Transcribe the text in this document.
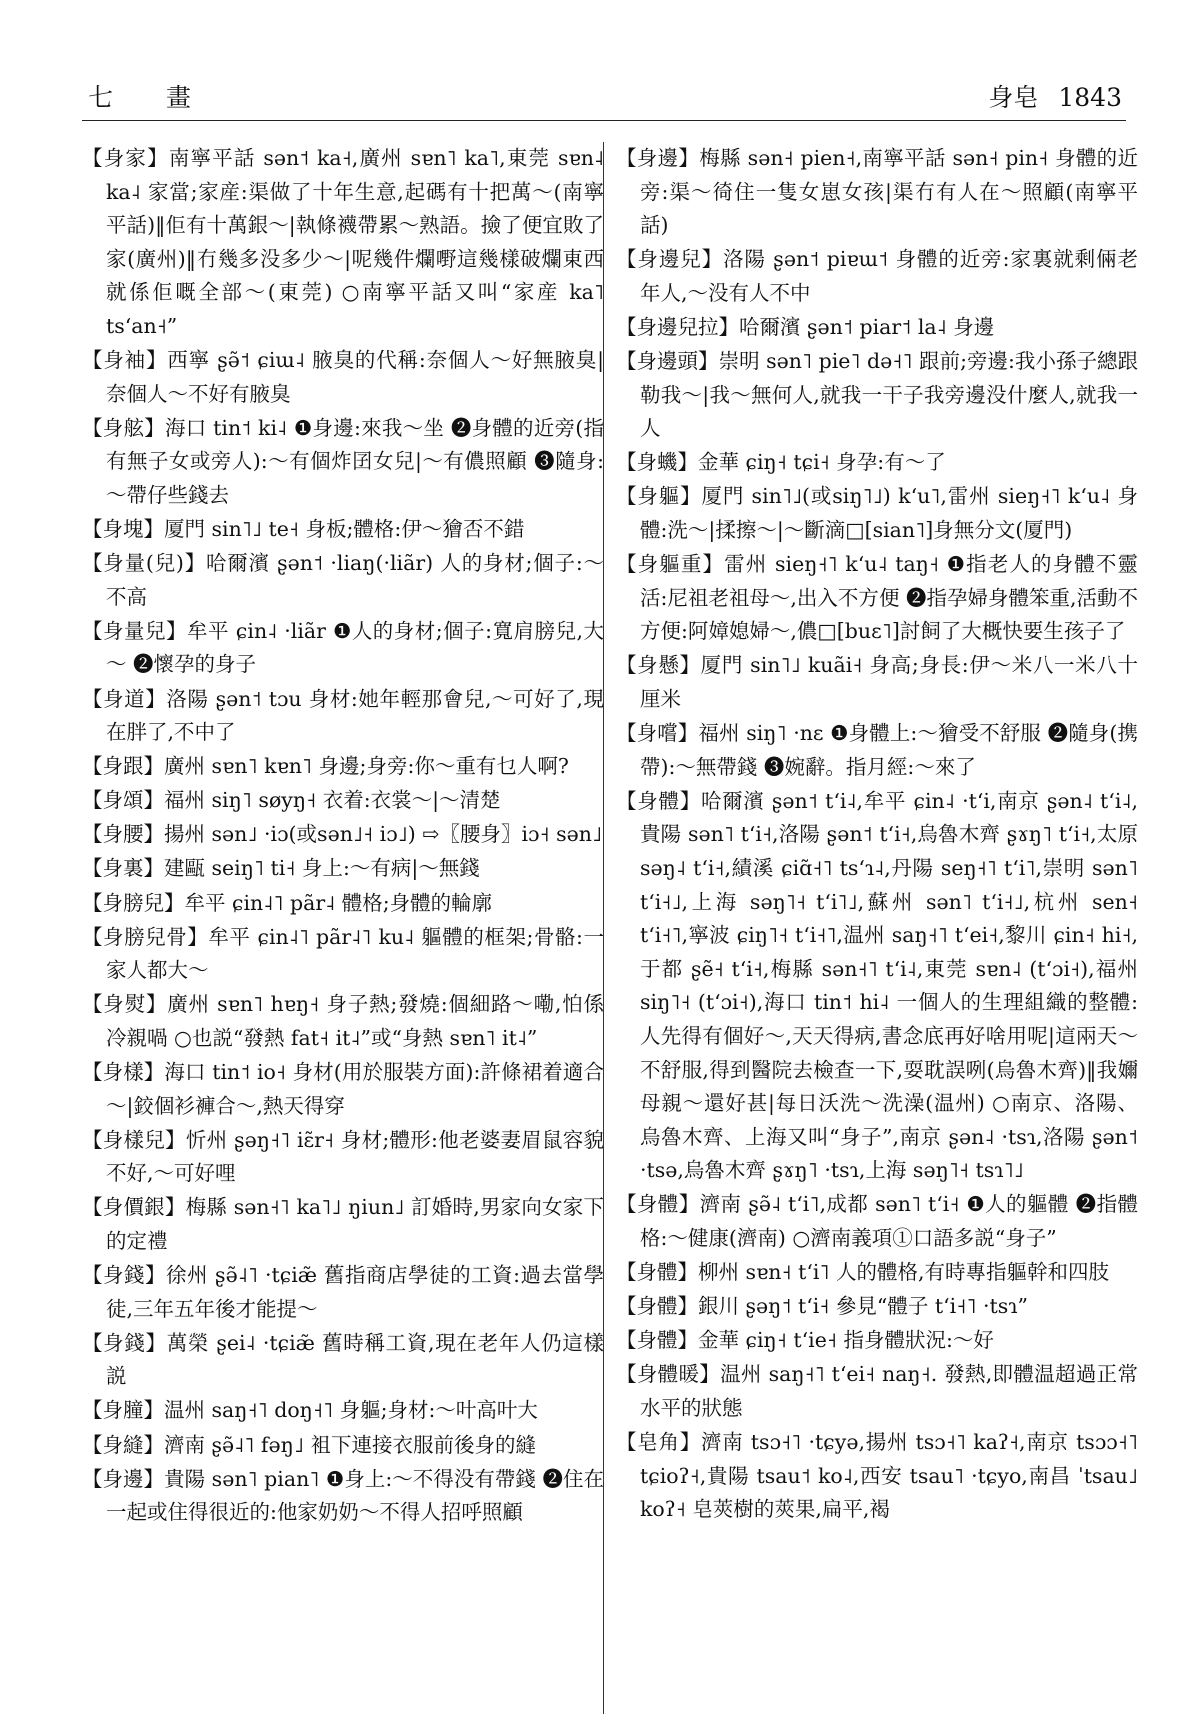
七　畫	身皂 1843

【身家】南寧平話 sən˦ ka˧,廣州 sɐn˥ ka˥,東莞 sɐn˨ ka˨ 家當;家産:渠做了十年生意,起碼有十把萬～(南寧平話)‖佢有十萬銀～|執條襪帶累～熟語。撿了便宜敗了家(廣州)‖冇幾多没多少～|呢幾件爛嘢這幾樣破爛東西就係佢嘅全部～(東莞) ○南寧平話又叫“家産 ka˥ tsʻan˧”

【身袖】西寧 ʂə̃˦ ɕiɯ˨ 腋臭的代稱:奈個人～好無腋臭|奈個人～不好有腋臭

【身舷】海口 tin˦ ki˨ ❶身邊:來我～坐 ❷身體的近旁(指有無子女或旁人):～有個炸囝女兒|～有儂照顧 ❸隨身:～帶仔些錢去

【身塊】厦門 sin˥˩ te˧ 身板;體格:伊～獪否不錯

【身量(兒)】哈爾濱 ʂən˦ ·liaŋ(·liãr) 人的身材;個子:～不高

【身量兒】牟平 ɕin˨ ·liãr ❶人的身材;個子:寬肩膀兒,大～ ❷懷孕的身子

【身道】洛陽 ʂən˦ tɔu 身材:她年輕那會兒,～可好了,現在胖了,不中了

【身跟】廣州 sɐn˥ kɐn˥ 身邊;身旁:你～重有乜人啊?

【身頌】福州 siŋ˥ søyŋ˧ 衣着:衣裳～|～清楚

【身腰】揚州 sən˩ ·iɔ(或sən˩˧ iɔ˩) ⇨〖腰身〗iɔ˧ sən˩

【身裏】建甌 seiŋ˥ ti˧ 身上:～有病|～無錢

【身膀兒】牟平 ɕin˨˥ pãr˨ 體格;身體的輪廓

【身膀兒骨】牟平 ɕin˨˥ pãr˨˥ ku˨ 軀體的框架;骨骼:一家人都大～

【身熨】廣州 sɐn˥ hɐŋ˧ 身子熱;發燒:個細路～嘞,怕係冷親喎 ○也説“發熱 fat˧ it˨”或“身熱 sɐn˥ it˨”

【身樣】海口 tin˦ io˧ 身材(用於服裝方面):許條裙着適合～|鉸個衫褲合～,熱天得穿

【身樣兒】忻州 ʂəŋ˧˥ iɛ̃r˧ 身材;體形:他老婆妻眉鼠容貌不好,～可好哩

【身價銀】梅縣 sən˧˥ ka˥˩ ŋiun˩ 訂婚時,男家向女家下的定禮

【身錢】徐州 ʂə̃˨˥ ·tɕiæ̃ 舊指商店學徒的工資:過去當學徒,三年五年後才能提～

【身錢】萬榮 ʂei˨ ·tɕiæ̃ 舊時稱工資,現在老年人仍這樣説

【身膧】温州 saŋ˧˥ doŋ˧˥ 身軀;身材:～叶高叶大

【身縫】濟南 ʂə̃˨˥ fəŋ˩ 袓下連接衣服前後身的縫

【身邊】貴陽 sən˥ pian˥ ❶身上:～不得没有帶錢 ❷住在一起或住得很近的:他家奶奶～不得人招呼照顧

【身邊】梅縣 sən˧ pien˧,南寧平話 sən˧ pin˧ 身體的近旁:渠～徛住一隻女崽女孩|渠冇有人在～照顧(南寧平話)

【身邊兒】洛陽 ʂən˦ piɐɯ˦ 身體的近旁:家裏就剩倆老年人,～没有人不中

【身邊兒拉】哈爾濱 ʂən˦ piar˦ la˨ 身邊

【身邊頭】崇明 sən˥ pie˥ də˧˥ 跟前;旁邊:我小孫子總跟勒我～|我～無何人,就我一干子我旁邊没什麼人,就我一人

【身蟣】金華 ɕiŋ˧ tɕi˧ 身孕:有～了

【身軀】厦門 sin˥˩(或siŋ˥˩) kʻu˥,雷州 sieŋ˧˥ kʻu˨ 身體:洗～|揉擦～|～斷滴□[sian˥]身無分文(厦門)

【身軀重】雷州 sieŋ˧˥ kʻu˨ taŋ˧ ❶指老人的身體不靈活:尼祖老祖母～,出入不方便 ❷指孕婦身體笨重,活動不方便:阿嫜媳婦～,儂□[buɛ˥]討飼了大概快要生孩子了

【身懸】厦門 sin˥˩ kuãi˧ 身高;身長:伊～米八一米八十厘米

【身嚐】福州 siŋ˥ ·nɛ ❶身體上:～獪受不舒服 ❷隨身(携帶):～無帶錢 ❸婉辭。指月經:～來了

【身體】哈爾濱 ʂən˦ tʻi˨,牟平 ɕin˨ ·tʻi,南京 ʂən˨ tʻi˨,貴陽 sən˥ tʻi˧,洛陽 ʂən˦ tʻi˧,烏魯木齊 ʂɤŋ˥ tʻi˧,太原 səŋ˨ tʻi˧,績溪 ɕiɑ̃˧˥ tsʻɿ˨,丹陽 seŋ˧˥ tʻi˥,崇明 sən˥ tʻi˧˩,上海 səŋ˥˧ tʻi˥˩,蘇州 sən˥ tʻi˧˩,杭州 sen˧ tʻi˧˥,寧波 ɕiŋ˥˧ tʻi˧˥,温州 saŋ˧˥ tʻei˧,黎川 ɕin˧ hi˧,于都 ʂẽ˧ tʻi˧,梅縣 sən˧˥ tʻi˨,東莞 sɐn˨ (tʻɔi˧),福州 siŋ˥˧ (tʻɔi˧),海口 tin˦ hi˨ 一個人的生理組織的整體:人先得有個好～,天天得病,書念底再好啥用呢|這兩天～不舒服,得到醫院去檢查一下,耍耽誤咧(烏魯木齊)‖我嬭母親～還好甚|每日沃洗～洗澡(温州) ○南京、洛陽、烏魯木齊、上海又叫“身子”,南京 ʂən˨ ·tsɿ,洛陽 ʂən˦ ·tsə,烏魯木齊 ʂɤŋ˥ ·tsɿ,上海 səŋ˥˧ tsɿ˥˩

【身體】濟南 ʂə̃˨ tʻi˥,成都 sən˥ tʻi˧ ❶人的軀體 ❷指體格:～健康(濟南) ○濟南義項①口語多説“身子”

【身體】柳州 sɐn˧ tʻi˥ 人的體格,有時專指軀幹和四肢

【身體】銀川 ʂəŋ˦ tʻi˧ 參見“體子 tʻi˧˥ ·tsɿ”

【身體】金華 ɕiŋ˧ tʻie˧ 指身體狀況:～好

【身體暖】温州 saŋ˧˥ tʻei˧ naŋ˧. 發熱,即體温超過正常水平的狀態

【皂角】濟南 tsɔ˧˥ ·tɕyə,揚州 tsɔ˧˥ kaʔ˧,南京 tsɔɔ˧˥ tɕioʔ˧,貴陽 tsau˦ ko˨,西安 tsau˥ ·tɕyo,南昌 ˈtsau˩ koʔ˧ 皂莢樹的莢果,扁平,褐
